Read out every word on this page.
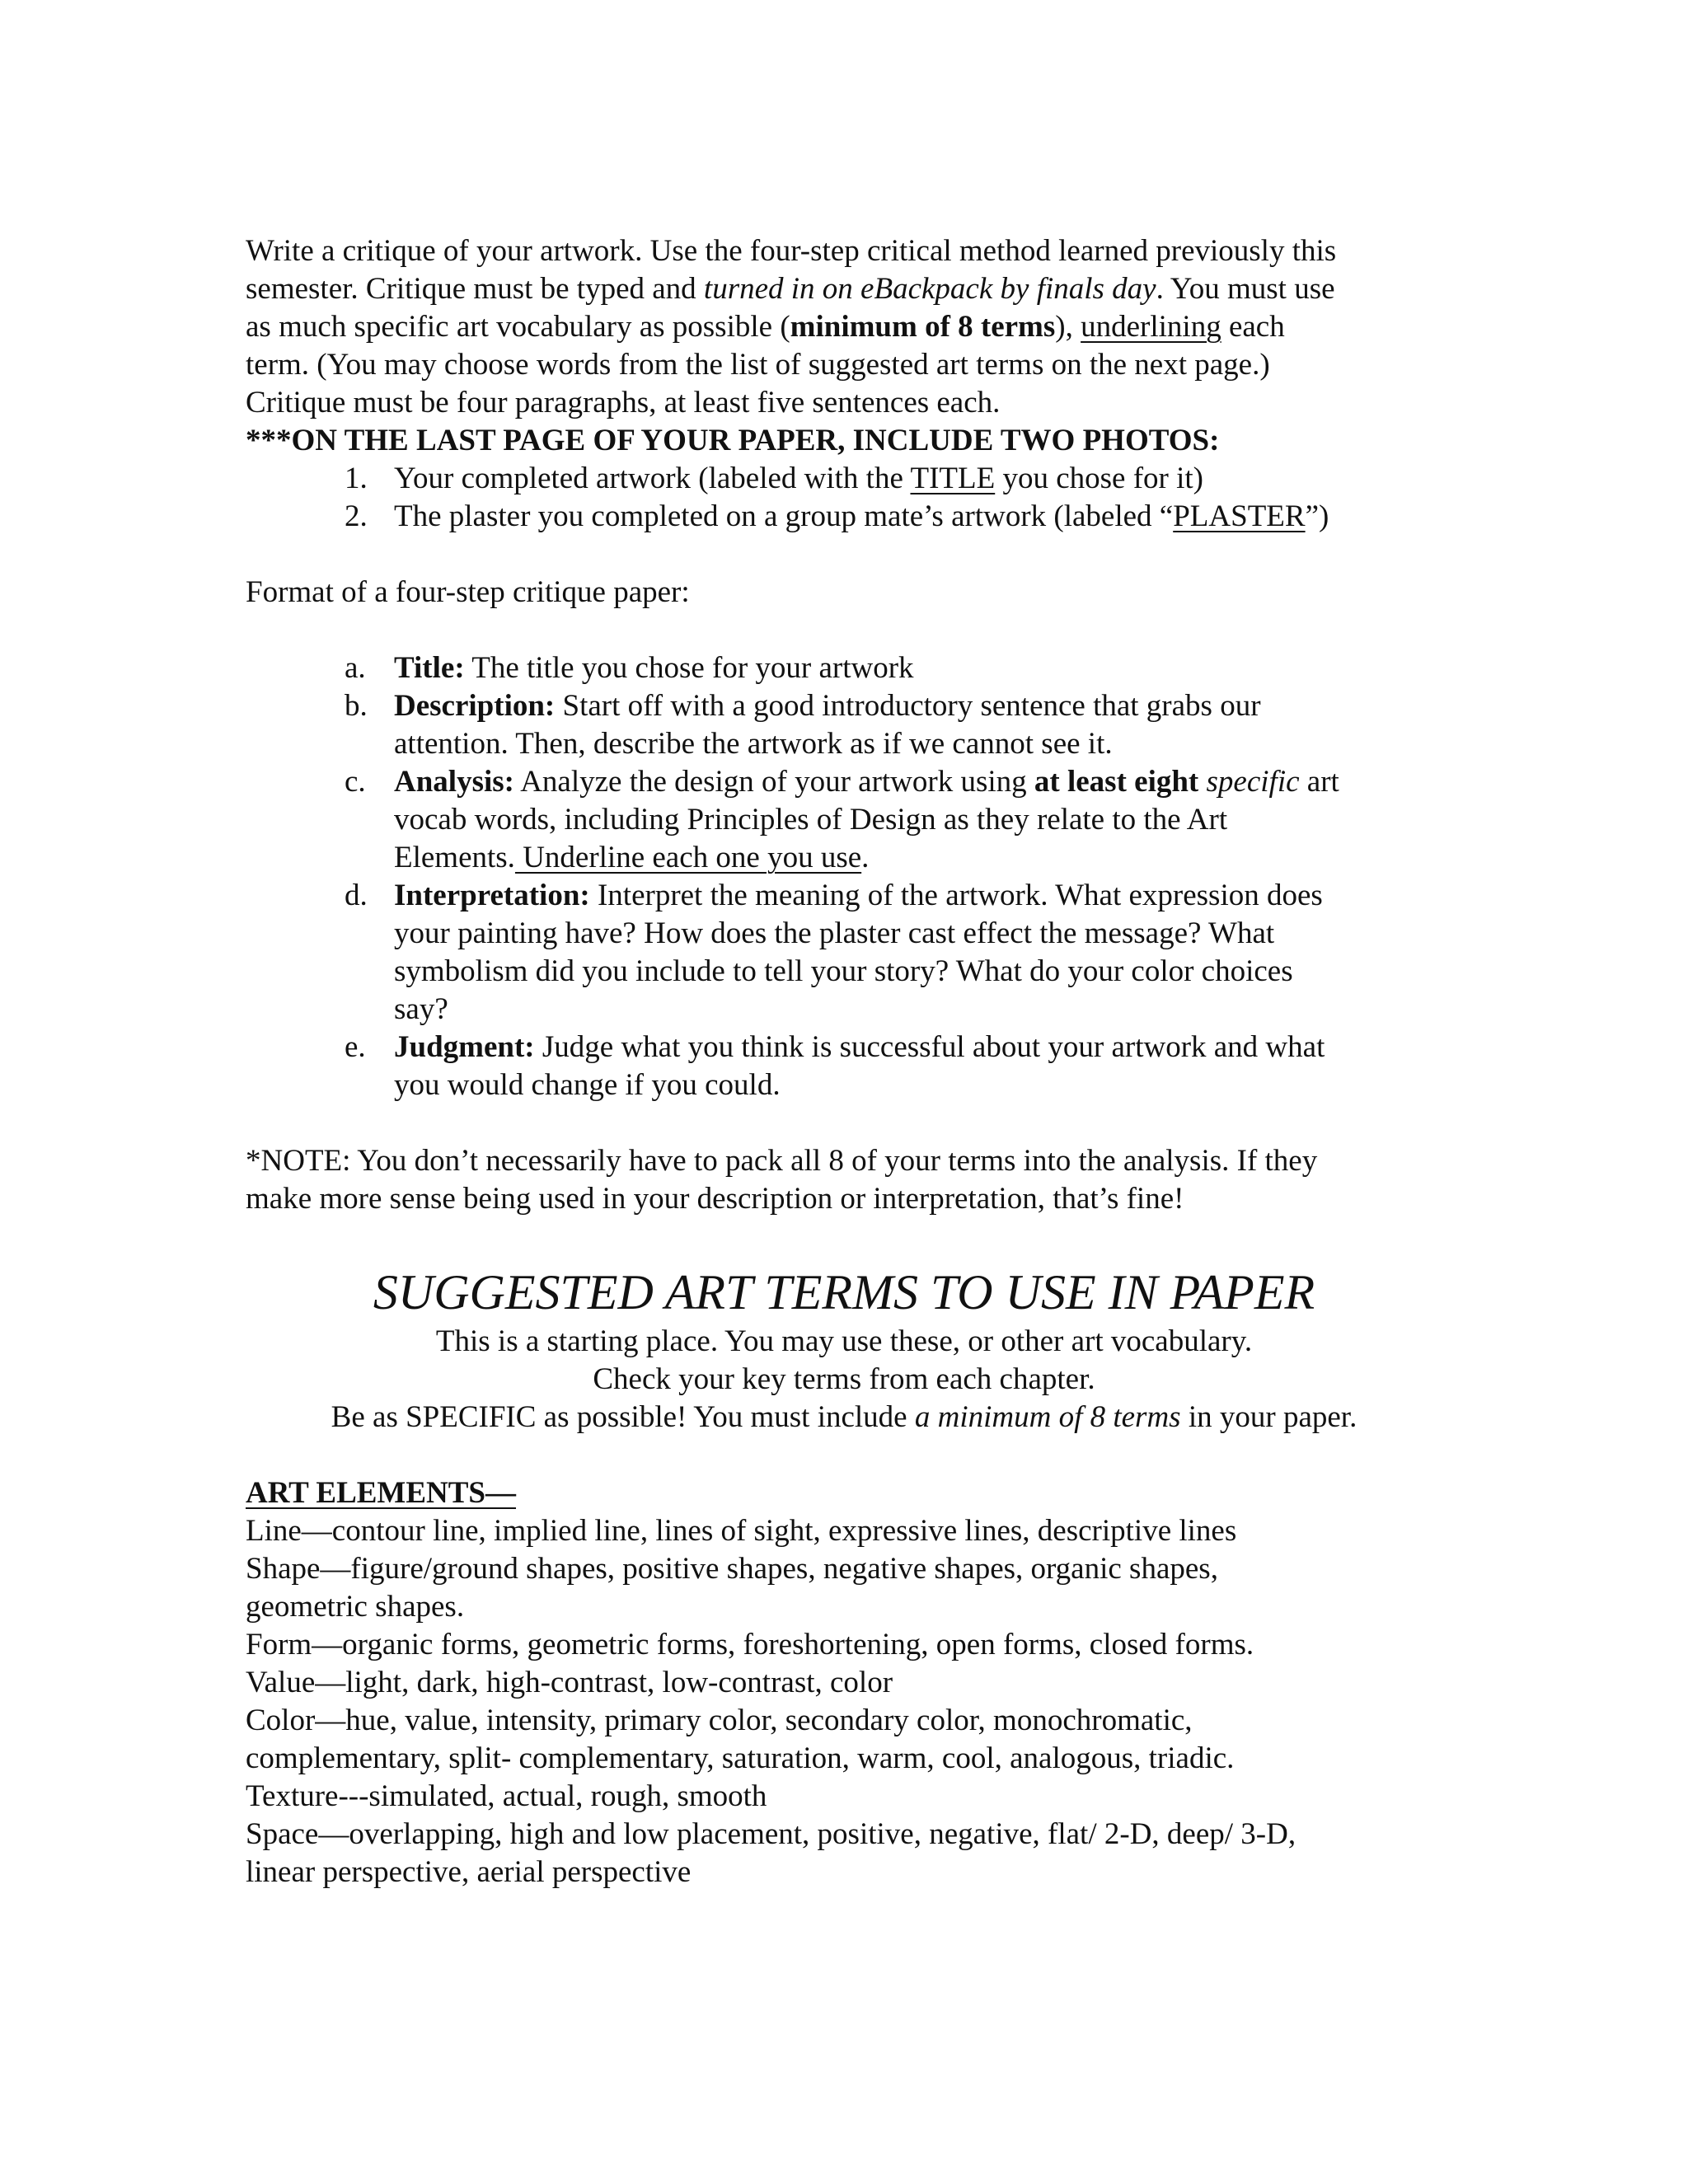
Write a critique of your artwork. Use the four-step critical method learned previously this
semester. Critique must be typed and turned in on eBackpack by finals day. You must use
as much specific art vocabulary as possible (minimum of 8 terms), underlining each
term. (You may choose words from the list of suggested art terms on the next page.)
Critique must be four paragraphs, at least five sentences each.
***ON THE LAST PAGE OF YOUR PAPER, INCLUDE TWO PHOTOS:
1. Your completed artwork (labeled with the TITLE you chose for it)
2. The plaster you completed on a group mate’s artwork (labeled “PLASTER”)
Format of a four-step critique paper:
a. Title: The title you chose for your artwork
b. Description: Start off with a good introductory sentence that grabs our
attention. Then, describe the artwork as if we cannot see it.
c. Analysis: Analyze the design of your artwork using at least eight specific art
vocab words, including Principles of Design as they relate to the Art
Elements. Underline each one you use.
d. Interpretation: Interpret the meaning of the artwork. What expression does
your painting have? How does the plaster cast effect the message? What
symbolism did you include to tell your story? What do your color choices
say?
e. Judgment: Judge what you think is successful about your artwork and what
you would change if you could.
*NOTE: You don’t necessarily have to pack all 8 of your terms into the analysis. If they
make more sense being used in your description or interpretation, that’s fine!
SUGGESTED ART TERMS TO USE IN PAPER
This is a starting place. You may use these, or other art vocabulary.
Check your key terms from each chapter.
Be as SPECIFIC as possible! You must include a minimum of 8 terms in your paper.
ART ELEMENTS—
Line—contour line, implied line, lines of sight, expressive lines, descriptive lines
Shape—figure/ground shapes, positive shapes, negative shapes, organic shapes,
geometric shapes.
Form—organic forms, geometric forms, foreshortening, open forms, closed forms.
Value—light, dark, high-contrast, low-contrast, color
Color—hue, value, intensity, primary color, secondary color, monochromatic,
complementary, split- complementary, saturation, warm, cool, analogous, triadic.
Texture---simulated, actual, rough, smooth
Space—overlapping, high and low placement, positive, negative, flat/ 2-D, deep/ 3-D,
linear perspective, aerial perspective
